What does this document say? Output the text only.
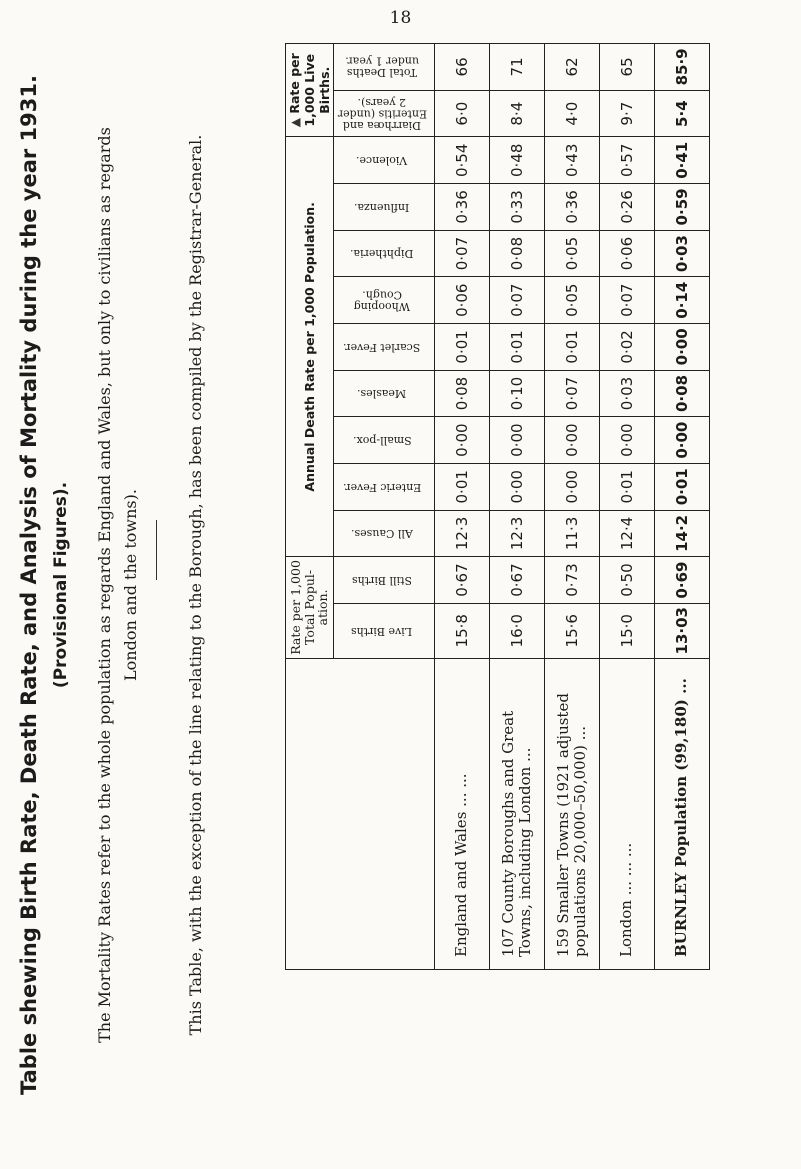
18
Table shewing Birth Rate, Death Rate, and Analysis of Mortality during the year 1931. (Provisional Figures). The Mortality Rates refer to the whole population as regards England and Wales, but only to civilians as regards London and the towns).	This Table, with the exception of the line relating to the Borough, has been compiled by the Registrar-General.
		Rate per 1,000 Total Popul-ation.		Annual Death Rate per 1,000 Population.									▲ Rate per 1,000 Live Births.	
	Live Births	Still Births	All Causes.	Enteric Fever.	Small-pox.	Measles.	Scarlet Fever.	Whooping Cough.	Diphtheria.	Influenza.	Violence.	Diarrhœa and Enteritis (under 2 years).	Total Deaths under 1 year.
England and Wales ... ...	15·8	0·67	12·3	0·01	0·00	0·08	0·01	0·06	0·07	0·36	0·54	6·0	66
107 County Boroughs and Great Towns, including London ...	16·0	0·67	12·3	0·00	0·00	0·10	0·01	0·07	0·08	0·33	0·48	8·4	71
159 Smaller Towns (1921 adjusted populations 20,000–50,000) ...	15·6	0·73	11·3	0·00	0·00	0·07	0·01	0·05	0·05	0·36	0·43	4·0	62
London ... ... ...	15·0	0·50	12·4	0·01	0·00	0·03	0·02	0·07	0·06	0·26	0·57	9·7	65
BURNLEY Population (99,180) ...	13·03	0·69	14·2	0·01	0·00	0·08	0·00	0·14	0·03	0·59	0·41	5·4	85·9
